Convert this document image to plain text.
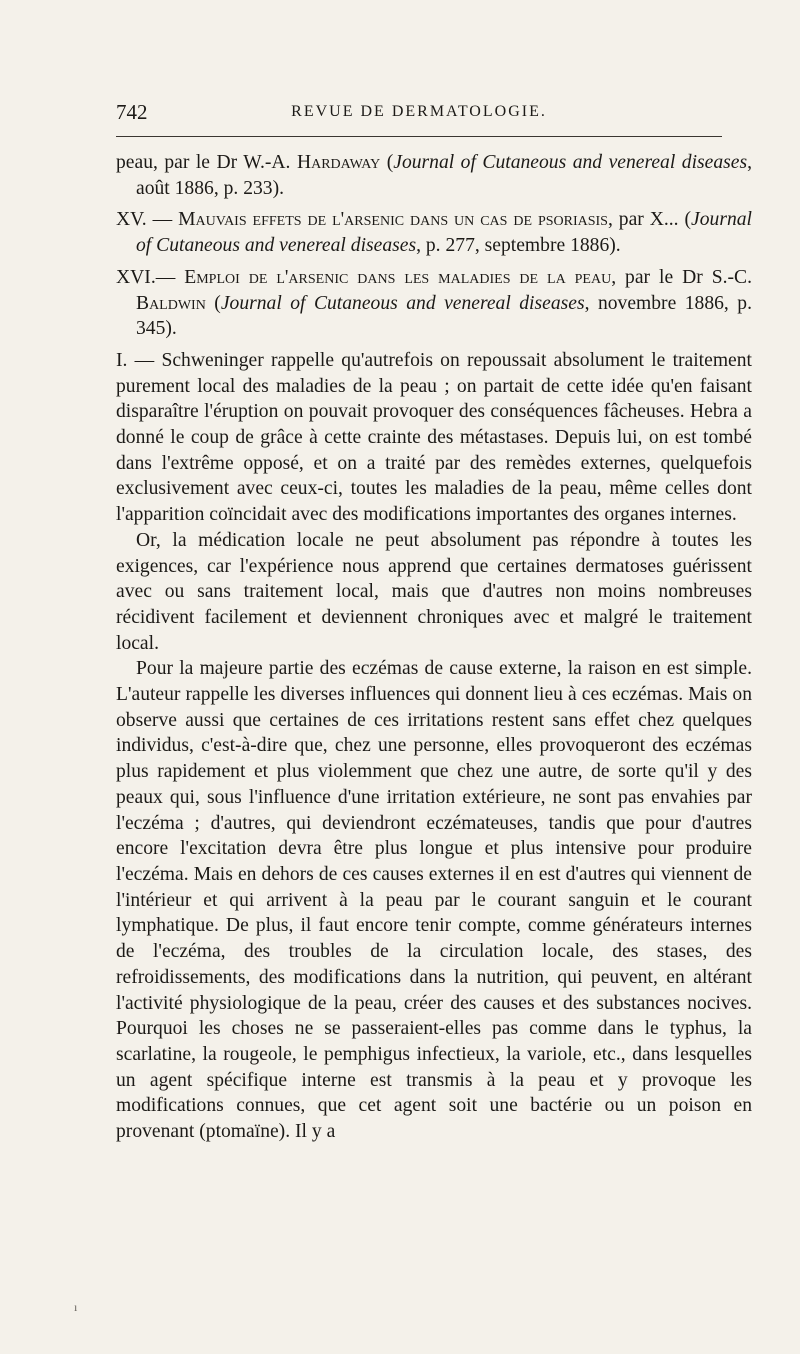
742	REVUE DE DERMATOLOGIE.

peau, par le Dr W.-A. Hardaway (Journal of Cutaneous and venereal diseases, août 1886, p. 233).

XV. — Mauvais effets de l'arsenic dans un cas de psoriasis, par X... (Journal of Cutaneous and venereal diseases, p. 277, septembre 1886).

XVI.— Emploi de l'arsenic dans les maladies de la peau, par le Dr S.-C. Baldwin (Journal of Cutaneous and venereal diseases, novembre 1886, p. 345).

I. — Schweninger rappelle qu'autrefois on repoussait absolument le traitement purement local des maladies de la peau ; on partait de cette idée qu'en faisant disparaître l'éruption on pouvait provoquer des conséquences fâcheuses. Hebra a donné le coup de grâce à cette crainte des métastases. Depuis lui, on est tombé dans l'extrême opposé, et on a traité par des remèdes externes, quelquefois exclusivement avec ceux-ci, toutes les maladies de la peau, même celles dont l'apparition coïncidait avec des modifications importantes des organes internes.

Or, la médication locale ne peut absolument pas répondre à toutes les exigences, car l'expérience nous apprend que certaines dermatoses guérissent avec ou sans traitement local, mais que d'autres non moins nombreuses récidivent facilement et deviennent chroniques avec et malgré le traitement local.

Pour la majeure partie des eczémas de cause externe, la raison en est simple. L'auteur rappelle les diverses influences qui donnent lieu à ces eczémas. Mais on observe aussi que certaines de ces irritations restent sans effet chez quelques individus, c'est-à-dire que, chez une personne, elles provoqueront des eczémas plus rapidement et plus violemment que chez une autre, de sorte qu'il y des peaux qui, sous l'influence d'une irritation extérieure, ne sont pas envahies par l'eczéma ; d'autres, qui deviendront eczémateuses, tandis que pour d'autres encore l'excitation devra être plus longue et plus intensive pour produire l'eczéma. Mais en dehors de ces causes externes il en est d'autres qui viennent de l'intérieur et qui arrivent à la peau par le courant sanguin et le courant lymphatique. De plus, il faut encore tenir compte, comme générateurs internes de l'eczéma, des troubles de la circulation locale, des stases, des refroidissements, des modifications dans la nutrition, qui peuvent, en altérant l'activité physiologique de la peau, créer des causes et des substances nocives. Pourquoi les choses ne se passeraient-elles pas comme dans le typhus, la scarlatine, la rougeole, le pemphigus infectieux, la variole, etc., dans lesquelles un agent spécifique interne est transmis à la peau et y provoque les modifications connues, que cet agent soit une bactérie ou un poison en provenant (ptomaïne). Il y a

ı
